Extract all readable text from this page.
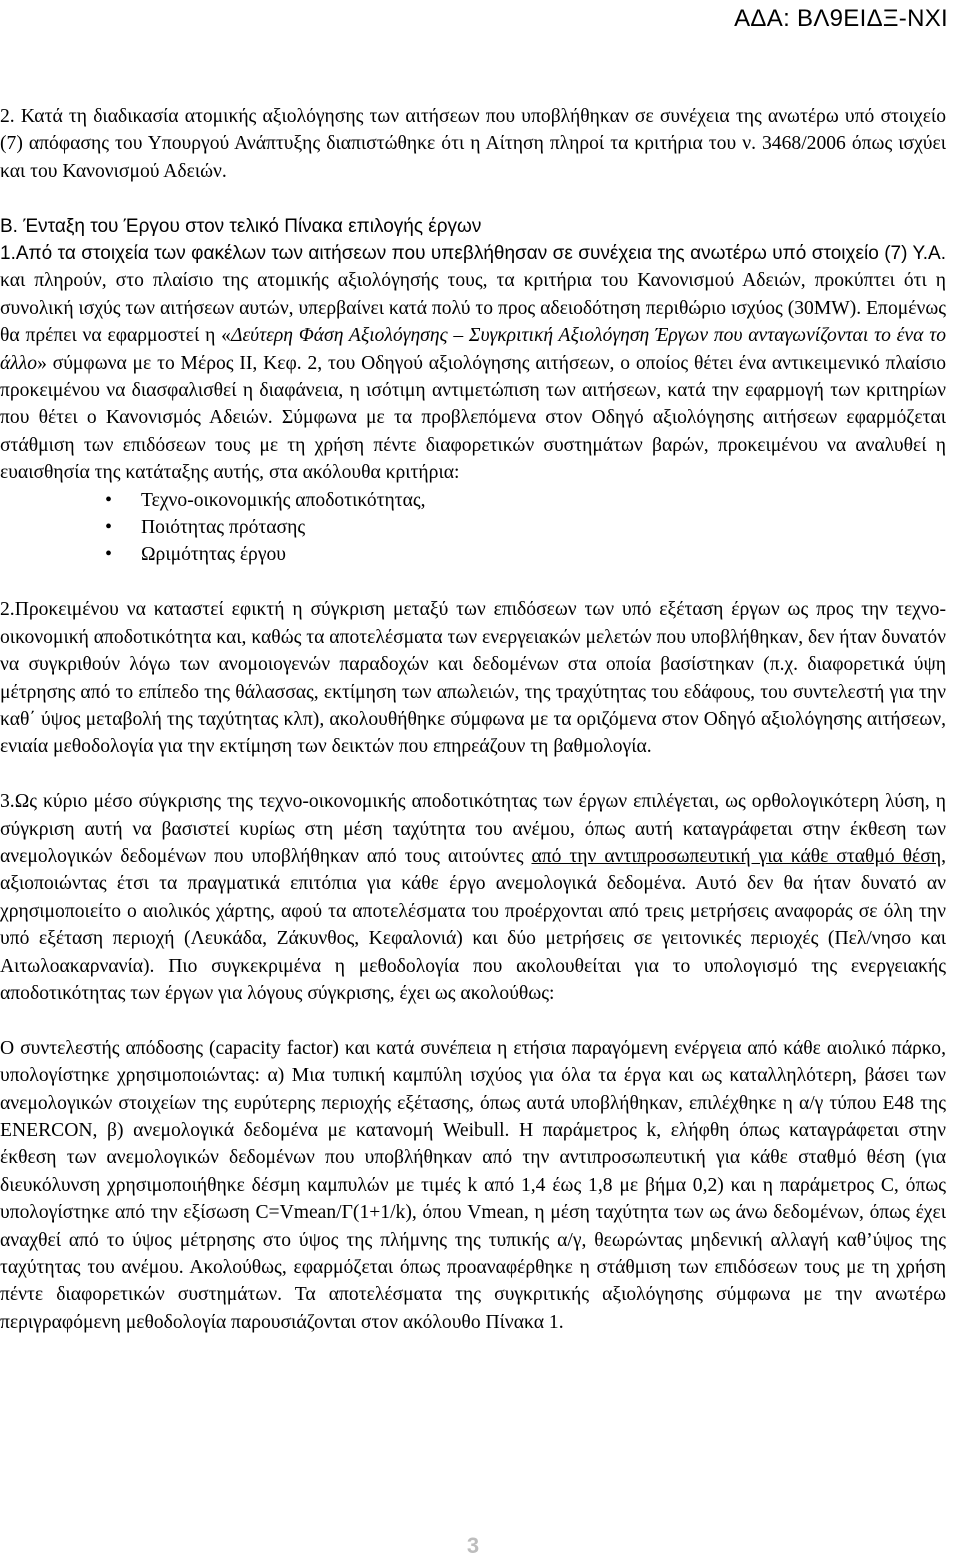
ΑΔΑ: ΒΛ9ΕΙΔΞ-ΝΧΙ

2. Κατά τη διαδικασία ατομικής αξιολόγησης των αιτήσεων που υποβλήθηκαν σε συνέχεια της ανωτέρω υπό στοιχείο (7) απόφασης του Υπουργού Ανάπτυξης διαπιστώθηκε ότι η Αίτηση πληροί τα κριτήρια του ν. 3468/2006 όπως ισχύει και του Κανονισμού Αδειών.

Β. Ένταξη του Έργου στον τελικό Πίνακα επιλογής έργων

1.Από τα στοιχεία των φακέλων των αιτήσεων που υπεβλήθησαν σε συνέχεια της ανωτέρω υπό στοιχείο (7) Υ.Α. και πληρούν, στο πλαίσιο της ατομικής αξιολόγησής τους, τα κριτήρια του Κανονισμού Αδειών, προκύπτει ότι η συνολική ισχύς των αιτήσεων αυτών, υπερβαίνει κατά πολύ το προς αδειοδότηση περιθώριο ισχύος (30MW). Επομένως θα πρέπει να εφαρμοστεί η «Δεύτερη Φάση Αξιολόγησης – Συγκριτική Αξιολόγηση Έργων που ανταγωνίζονται το ένα το άλλο» σύμφωνα με το Μέρος ΙΙ, Κεφ. 2, του Οδηγού αξιολόγησης αιτήσεων, ο οποίος θέτει ένα αντικειμενικό πλαίσιο προκειμένου να διασφαλισθεί η διαφάνεια, η ισότιμη αντιμετώπιση των αιτήσεων, κατά την εφαρμογή των κριτηρίων που θέτει ο Κανονισμός Αδειών. Σύμφωνα με τα προβλεπόμενα στον Οδηγό αξιολόγησης αιτήσεων εφαρμόζεται στάθμιση των επιδόσεων τους με τη χρήση πέντε διαφορετικών συστημάτων βαρών, προκειμένου να αναλυθεί η ευαισθησία της κατάταξης αυτής, στα ακόλουθα κριτήρια:

• Τεχνο-οικονομικής αποδοτικότητας,
• Ποιότητας πρότασης
• Ωριμότητας έργου

2.Προκειμένου να καταστεί εφικτή η σύγκριση μεταξύ των επιδόσεων των υπό εξέταση έργων ως προς την τεχνο-οικονομική αποδοτικότητα και, καθώς τα αποτελέσματα των ενεργειακών μελετών που υποβλήθηκαν, δεν ήταν δυνατόν να συγκριθούν λόγω των ανομοιογενών παραδοχών και δεδομένων στα οποία βασίστηκαν (π.χ. διαφορετικά ύψη μέτρησης από το επίπεδο της θάλασσας, εκτίμηση των απωλειών, της τραχύτητας του εδάφους, του συντελεστή για την καθ΄ ύψος μεταβολή της ταχύτητας κλπ), ακολουθήθηκε σύμφωνα με τα οριζόμενα στον Οδηγό αξιολόγησης αιτήσεων, ενιαία μεθοδολογία για την εκτίμηση των δεικτών που επηρεάζουν τη βαθμολογία.

3.Ως κύριο μέσο σύγκρισης της τεχνο-οικονομικής αποδοτικότητας των έργων επιλέγεται, ως ορθολογικότερη λύση, η σύγκριση αυτή να βασιστεί κυρίως στη μέση ταχύτητα του ανέμου, όπως αυτή καταγράφεται στην έκθεση των ανεμολογικών δεδομένων που υποβλήθηκαν από τους αιτούντες από την αντιπροσωπευτική για κάθε σταθμό θέση, αξιοποιώντας έτσι τα πραγματικά επιτόπια για κάθε έργο ανεμολογικά δεδομένα. Αυτό δεν θα ήταν δυνατό αν χρησιμοποιείτο ο αιολικός χάρτης, αφού τα αποτελέσματα του προέρχονται από τρεις μετρήσεις αναφοράς σε όλη την υπό εξέταση περιοχή (Λευκάδα, Ζάκυνθος, Κεφαλονιά) και δύο μετρήσεις σε γειτονικές περιοχές (Πελ/νησο και Αιτωλοακαρνανία). Πιο συγκεκριμένα η μεθοδολογία που ακολουθείται για το υπολογισμό της ενεργειακής αποδοτικότητας των έργων για λόγους σύγκρισης, έχει ως ακολούθως:

Ο συντελεστής απόδοσης (capacity factor) και κατά συνέπεια η ετήσια παραγόμενη ενέργεια από κάθε αιολικό πάρκο, υπολογίστηκε χρησιμοποιώντας: α) Μια τυπική καμπύλη ισχύος για όλα τα έργα και ως καταλληλότερη, βάσει των ανεμολογικών στοιχείων της ευρύτερης περιοχής εξέτασης, όπως αυτά υποβλήθηκαν, επιλέχθηκε η α/γ τύπου Ε48 της ENERCON, β) ανεμολογικά δεδομένα με κατανομή Weibull. Η παράμετρος k, ελήφθη όπως καταγράφεται στην έκθεση των ανεμολογικών δεδομένων που υποβλήθηκαν από την αντιπροσωπευτική για κάθε σταθμό θέση (για διευκόλυνση χρησιμοποιήθηκε δέσμη καμπυλών με τιμές k από 1,4 έως 1,8 με βήμα 0,2) και η παράμετρος C, όπως υπολογίστηκε από την εξίσωση C=Vmean/Γ(1+1/k), όπου Vmean, η μέση ταχύτητα των ως άνω δεδομένων, όπως έχει αναχθεί από το ύψος μέτρησης στο ύψος της πλήμνης της τυπικής α/γ, θεωρώντας μηδενική αλλαγή καθ’ύψος της ταχύτητας του ανέμου. Ακολούθως, εφαρμόζεται όπως προαναφέρθηκε η στάθμιση των επιδόσεων τους με τη χρήση πέντε διαφορετικών συστημάτων. Τα αποτελέσματα της συγκριτικής αξιολόγησης σύμφωνα με την ανωτέρω περιγραφόμενη μεθοδολογία παρουσιάζονται στον ακόλουθο Πίνακα 1.

3
